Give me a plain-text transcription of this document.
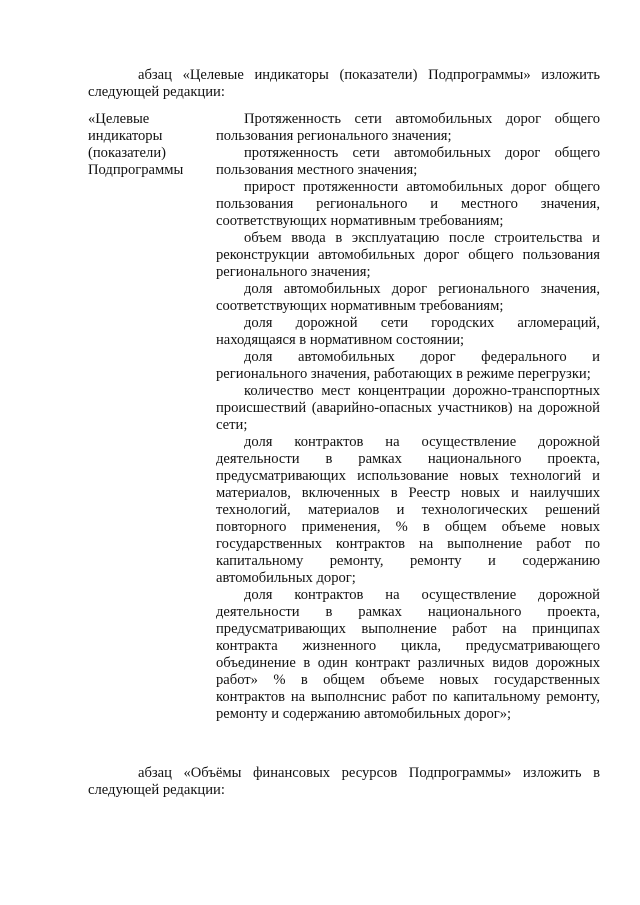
абзац «Целевые индикаторы (показатели) Подпрограммы» изложить следующей редакции:

«Целевые
индикаторы
(показатели)
Подпрограммы
Протяженность сети автомобильных дорог общего пользования регионального значения;
протяженность сети автомобильных дорог общего пользования местного значения;
прирост протяженности автомобильных дорог общего пользования регионального и местного значения, соответствующих нормативным требованиям;
объем ввода в эксплуатацию после строительства и реконструкции автомобильных дорог общего пользования регионального значения;
доля автомобильных дорог регионального значения, соответствующих нормативным требованиям;
доля дорожной сети городских агломераций, находящаяся в нормативном состоянии;
доля автомобильных дорог федерального и регионального значения, работающих в режиме перегрузки;
количество мест концентрации дорожно-транспортных происшествий (аварийно-опасных участников) на дорожной сети;
доля контрактов на осуществление дорожной деятельности в рамках национального проекта, предусматривающих использование новых технологий и материалов, включенных в Реестр новых и наилучших технологий, материалов и технологических решений повторного применения, % в общем объеме новых государственных контрактов на выполнение работ по капитальному ремонту, ремонту и содержанию автомобильных дорог;
доля контрактов на осуществление дорожной деятельности в рамках национального проекта, предусматривающих выполнение работ на принципах контракта жизненного цикла, предусматривающего объединение в один контракт различных видов дорожных работ» % в общем объеме новых государственных контрактов на выполнснис работ по капитальному ремонту, ремонту и содержанию автомобильных дорог»;

абзац «Объёмы финансовых ресурсов Подпрограммы» изложить в следующей редакции:
